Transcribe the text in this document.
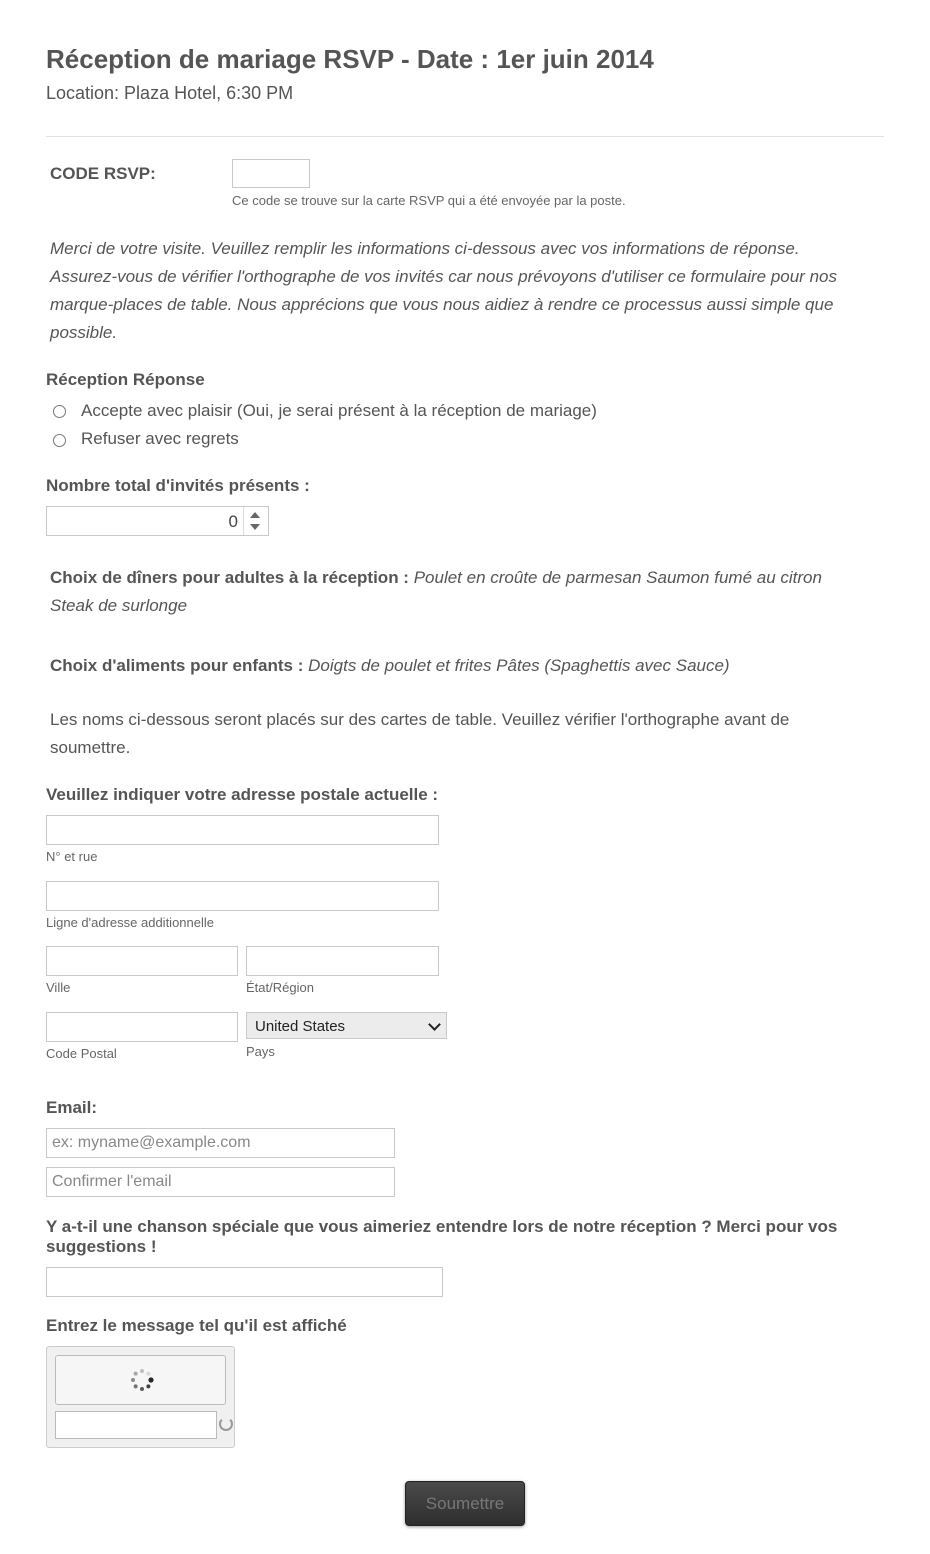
Réception de mariage RSVP - Date : 1er juin 2014
Location: Plaza Hotel, 6:30 PM
CODE RSVP:
Ce code se trouve sur la carte RSVP qui a été envoyée par la poste.
Merci de votre visite. Veuillez remplir les informations ci-dessous avec vos informations de réponse. Assurez-vous de vérifier l'orthographe de vos invités car nous prévoyons d'utiliser ce formulaire pour nos marque-places de table. Nous apprécions que vous nous aidiez à rendre ce processus aussi simple que possible.
Réception Réponse
Accepte avec plaisir (Oui, je serai présent à la réception de mariage)
Refuser avec regrets
Nombre total d'invités présents :
0
Choix de dîners pour adultes à la réception : Poulet en croûte de parmesan Saumon fumé au citron Steak de surlonge
Choix d'aliments pour enfants : Doigts de poulet et frites Pâtes (Spaghettis avec Sauce)
Les noms ci-dessous seront placés sur des cartes de table. Veuillez vérifier l'orthographe avant de soumettre.
Veuillez indiquer votre adresse postale actuelle :
N° et rue
Ligne d'adresse additionnelle
Ville	État/Région
Code Postal
United States
Pays
Email:
ex: myname@example.com
Confirmer l'email
Y a-t-il une chanson spéciale que vous aimeriez entendre lors de notre réception ? Merci pour vos suggestions !
Entrez le message tel qu'il est affiché
Soumettre
